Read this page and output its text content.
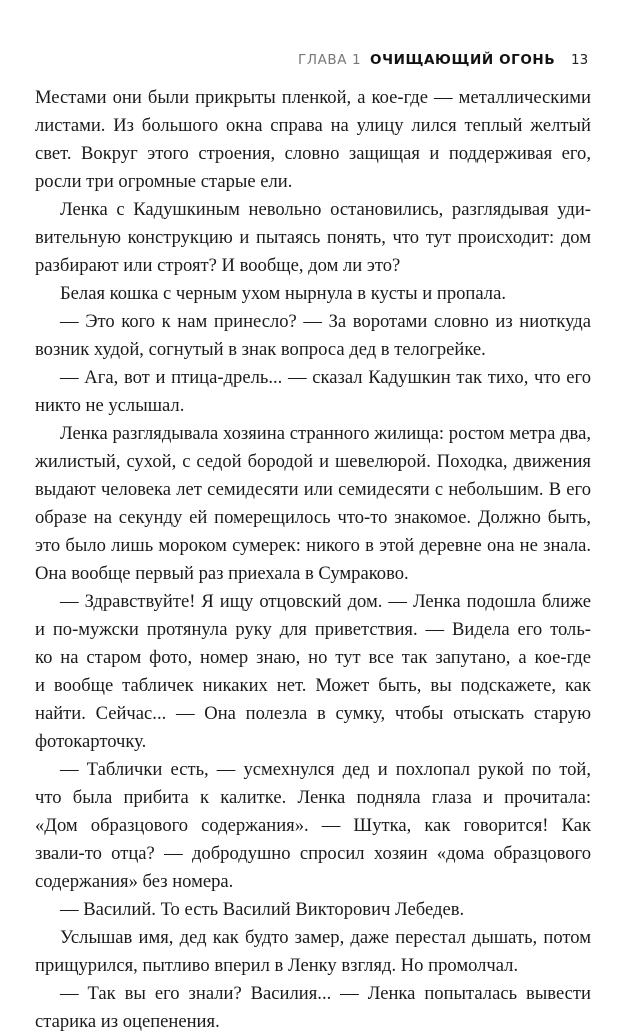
ГЛАВА 1 ОЧИЩАЮЩИЙ ОГОНЬ 13
Местами они были прикрыты пленкой, а кое-где — металлическими
листами. Из большого окна справа на улицу лился теплый желтый
свет. Вокруг этого строения, словно защищая и поддерживая его,
росли три огромные старые ели.
Ленка с Кадушкиным невольно остановились, разглядывая уди-
вительную конструкцию и пытаясь понять, что тут происходит: дом
разбирают или строят? И вообще, дом ли это?
Белая кошка с черным ухом нырнула в кусты и пропала.
— Это кого к нам принесло? — За воротами словно из ниоткуда
возник худой, согнутый в знак вопроса дед в телогрейке.
— Ага, вот и птица-дрель... — сказал Кадушкин так тихо, что его
никто не услышал.
Ленка разглядывала хозяина странного жилища: ростом метра два,
жилистый, сухой, с седой бородой и шевелюрой. Походка, движения
выдают человека лет семидесяти или семидесяти с небольшим. В его
образе на секунду ей померещилось что-то знакомое. Должно быть,
это было лишь мороком сумерек: никого в этой деревне она не знала.
Она вообще первый раз приехала в Сумраково.
— Здравствуйте! Я ищу отцовский дом. — Ленка подошла ближе
и по-мужски протянула руку для приветствия. — Видела его толь-
ко на старом фото, номер знаю, но тут все так запутано, а кое-где
и вообще табличек никаких нет. Может быть, вы подскажете, как
найти. Сейчас... — Она полезла в сумку, чтобы отыскать старую
фотокарточку.
— Таблички есть, — усмехнулся дед и похлопал рукой по той,
что была прибита к калитке. Ленка подняла глаза и прочитала:
«Дом образцового содержания». — Шутка, как говорится! Как
звали-то отца? — добродушно спросил хозяин «дома образцового
содержания» без номера.
— Василий. То есть Василий Викторович Лебедев.
Услышав имя, дед как будто замер, даже перестал дышать, потом
прищурился, пытливо вперил в Ленку взгляд. Но промолчал.
— Так вы его знали? Василия... — Ленка попыталась вывести
старика из оцепенения.
